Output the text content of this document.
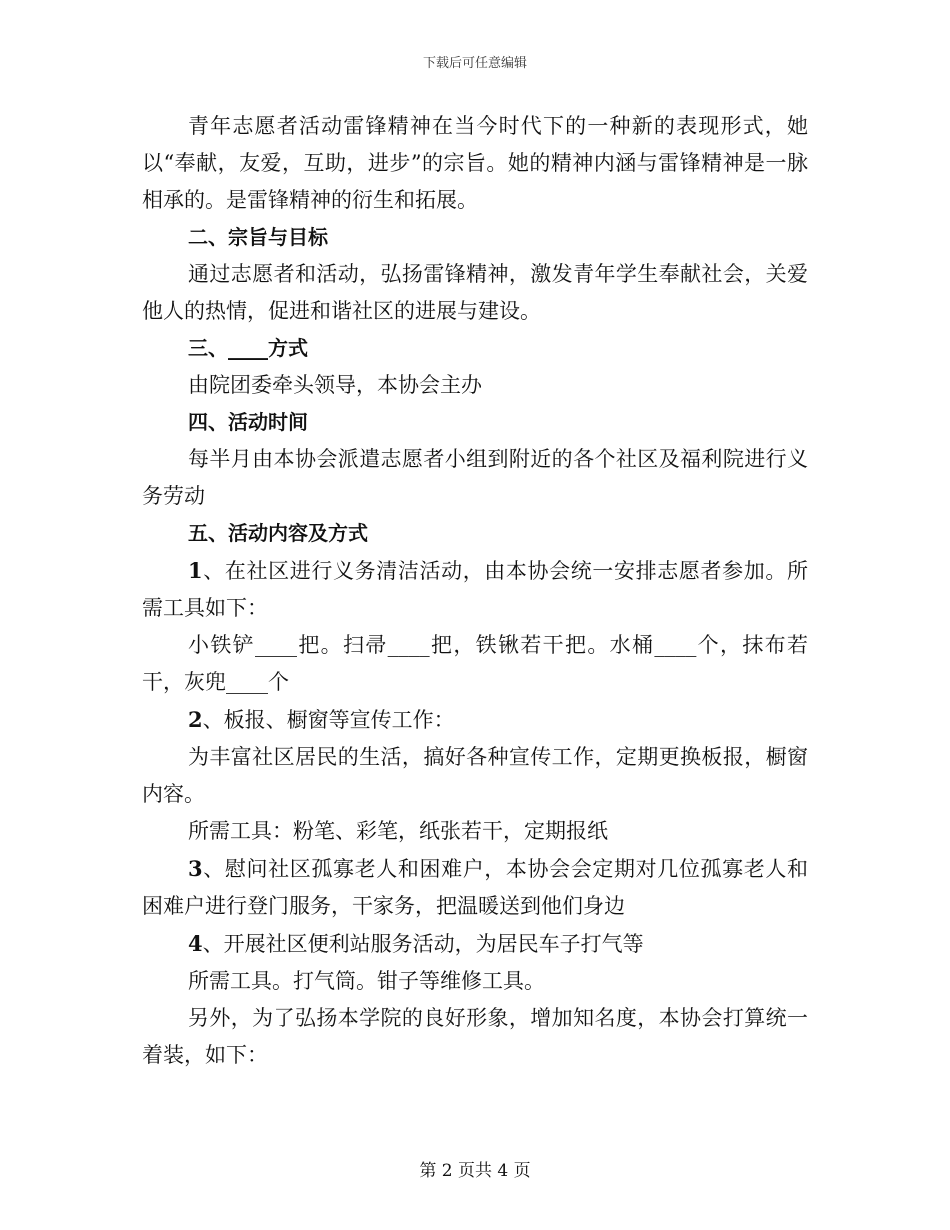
下载后可任意编辑

青年志愿者活动雷锋精神在当今时代下的一种新的表现形式，她以“奉献，友爱，互助，进步”的宗旨。她的精神内涵与雷锋精神是一脉相承的。是雷锋精神的衍生和拓展。

二、宗旨与目标

通过志愿者和活动，弘扬雷锋精神，激发青年学生奉献社会，关爱他人的热情，促进和谐社区的进展与建设。

三、____方式

由院团委牵头领导，本协会主办

四、活动时间

每半月由本协会派遣志愿者小组到附近的各个社区及福利院进行义务劳动

五、活动内容及方式

1、在社区进行义务清洁活动，由本协会统一安排志愿者参加。所需工具如下：

小铁铲____把。扫帚____把，铁锹若干把。水桶____个，抹布若干，灰兜____个

2、板报、橱窗等宣传工作：

为丰富社区居民的生活，搞好各种宣传工作，定期更换板报，橱窗内容。

所需工具：粉笔、彩笔，纸张若干，定期报纸

3、慰问社区孤寡老人和困难户，本协会会定期对几位孤寡老人和困难户进行登门服务，干家务，把温暖送到他们身边

4、开展社区便利站服务活动，为居民车子打气等

所需工具。打气筒。钳子等维修工具。

另外，为了弘扬本学院的良好形象，增加知名度，本协会打算统一着装，如下：

第 2 页共 4 页
